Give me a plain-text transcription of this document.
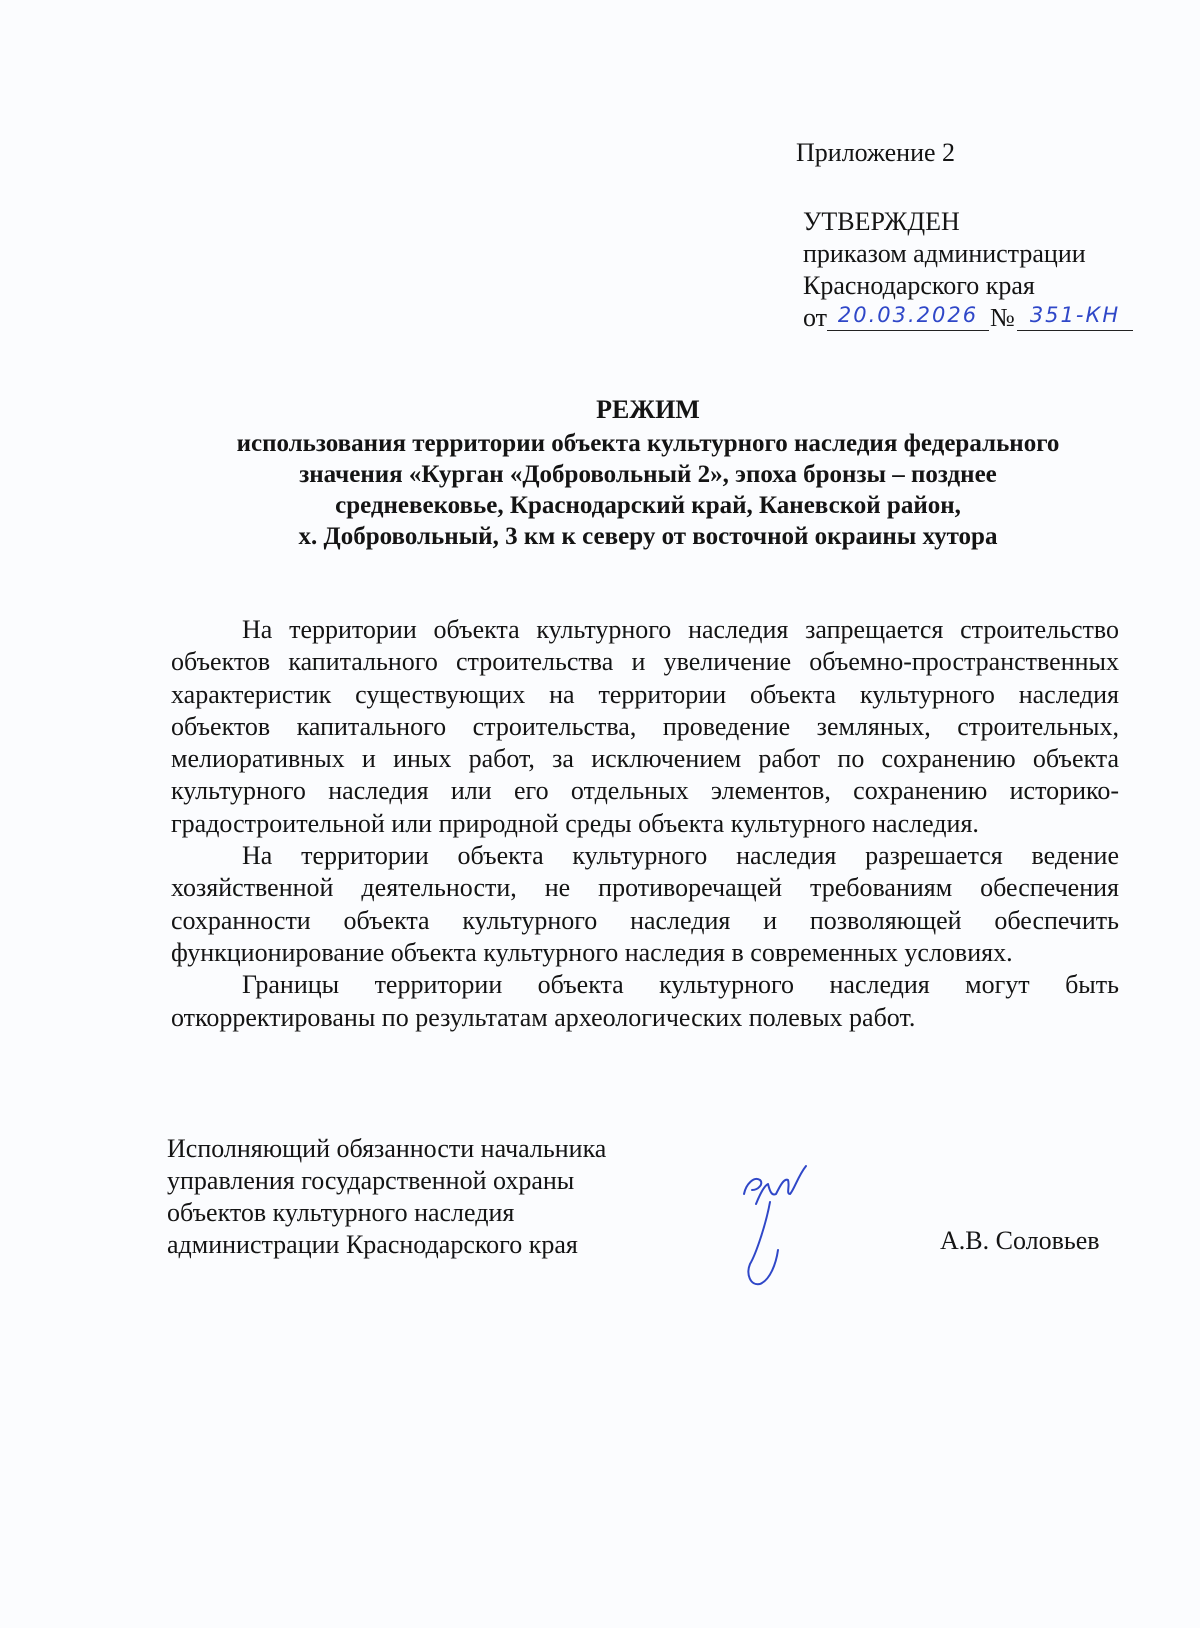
Приложение 2
УТВЕРЖДЕН
приказом администрации
Краснодарского края
от 20.03.2026 № 351-КН
РЕЖИМ
использования территории объекта культурного наследия федерального
значения «Курган «Добровольный 2», эпоха бронзы – позднее
средневековье, Краснодарский край, Каневской район,
х. Добровольный, 3 км к северу от восточной окраины хутора

На территории объекта культурного наследия запрещается строительство объектов капитального строительства и увеличение объемно-пространственных характеристик существующих на территории объекта культурного наследия объектов капитального строительства, проведение земляных, строительных, мелиоративных и иных работ, за исключением работ по сохранению объекта культурного наследия или его отдельных элементов, сохранению историко-градостроительной или природной среды объекта культурного наследия.

На территории объекта культурного наследия разрешается ведение хозяйственной деятельности, не противоречащей требованиям обеспечения сохранности объекта культурного наследия и позволяющей обеспечить функционирование объекта культурного наследия в современных условиях.

Границы территории объекта культурного наследия могут быть откорректированы по результатам археологических полевых работ.

Исполняющий обязанности начальника
управления государственной охраны
объектов культурного наследия
администрации Краснодарского края	А.В. Соловьев
